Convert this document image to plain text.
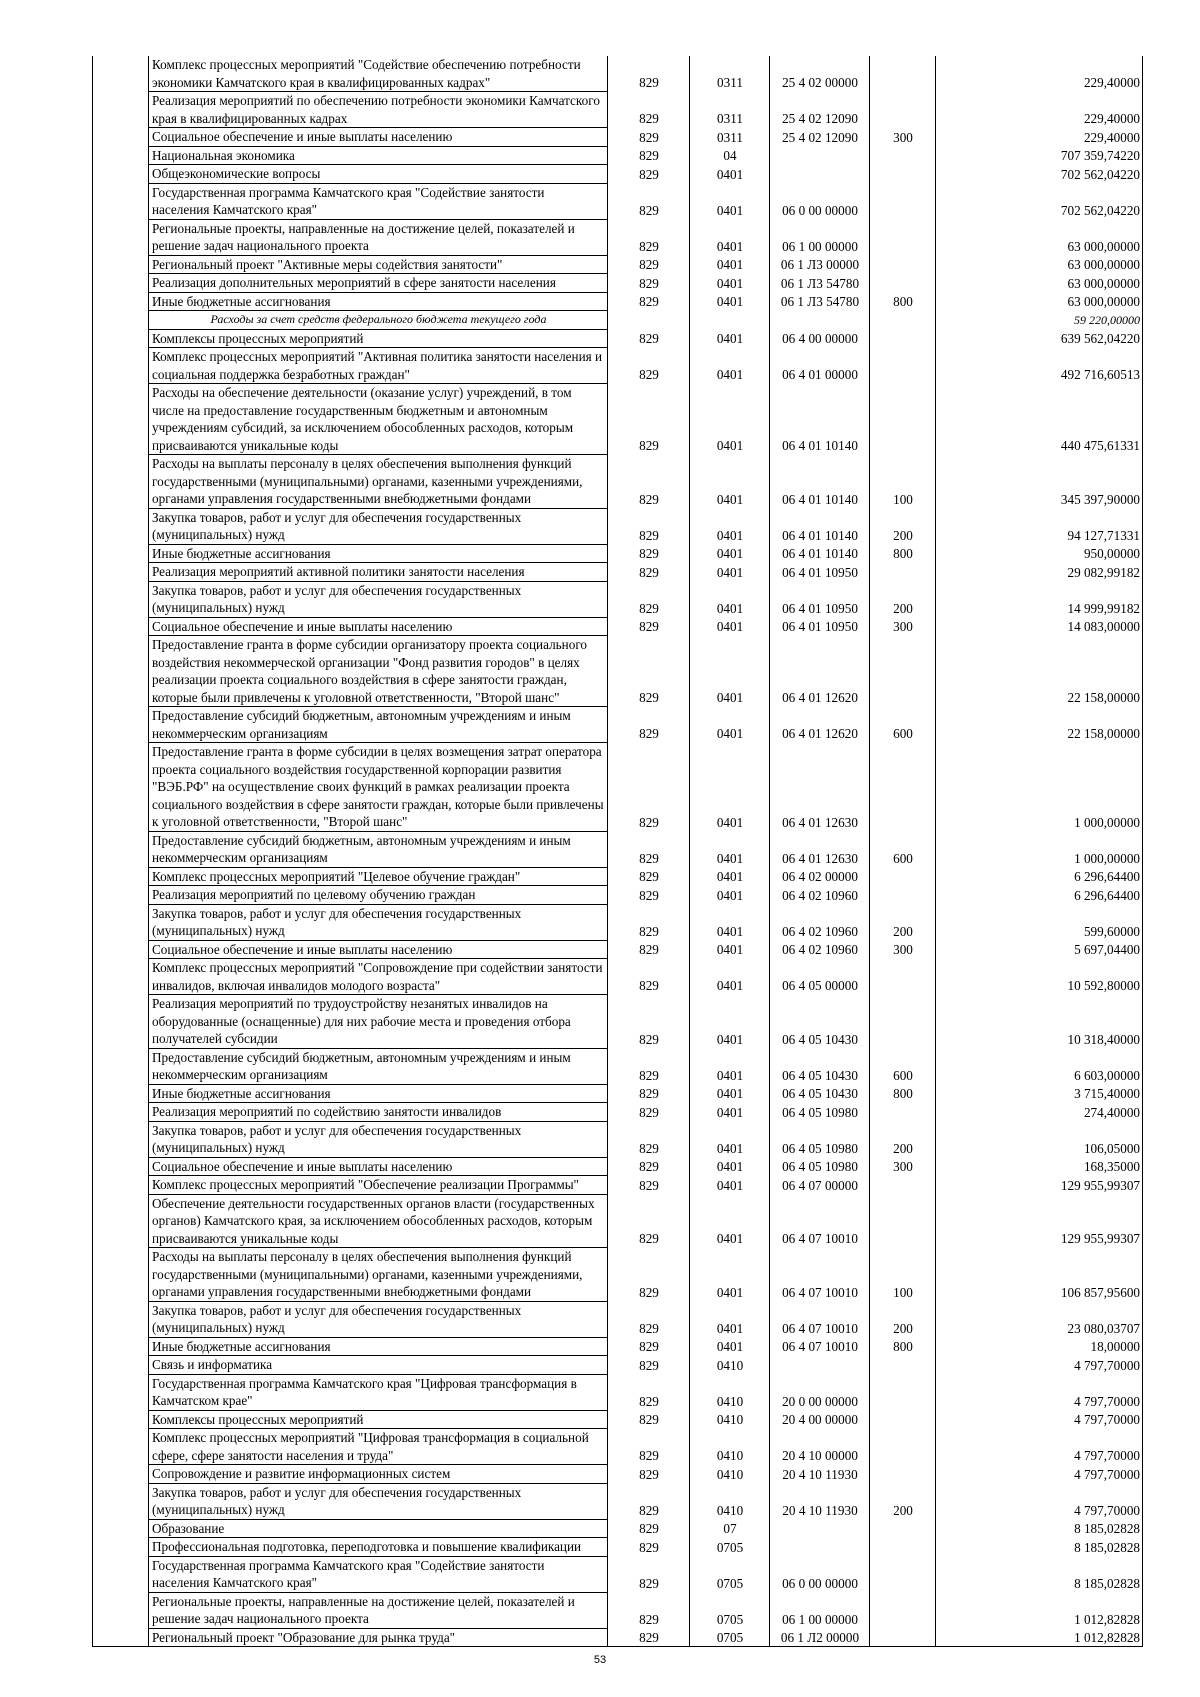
	Комплекс процессных мероприятий "Содействие обеспечению потребности экономики Камчатского края в квалифицированных кадрах"	829	0311	25 4 02 00000		229,40000
	Реализация мероприятий по обеспечению потребности экономики Камчатского края в квалифицированных кадрах	829	0311	25 4 02 12090		229,40000
	Социальное обеспечение и иные выплаты населению	829	0311	25 4 02 12090	300	229,40000
	Национальная экономика	829	04			707 359,74220
	Общеэкономические вопросы	829	0401			702 562,04220
	Государственная программа Камчатского края "Содействие занятости населения Камчатского края"	829	0401	06 0 00 00000		702 562,04220
	Региональные проекты, направленные на достижение целей, показателей и решение задач национального проекта	829	0401	06 1 00 00000		63 000,00000
	Региональный проект "Активные меры содействия занятости"	829	0401	06 1 Л3 00000		63 000,00000
	Реализация дополнительных мероприятий в сфере занятости населения	829	0401	06 1 Л3 54780		63 000,00000
	Иные бюджетные ассигнования	829	0401	06 1 Л3 54780	800	63 000,00000
	Расходы за счет средств федерального бюджета текущего года					59 220,00000
	Комплексы процессных мероприятий	829	0401	06 4 00 00000		639 562,04220
	Комплекс процессных мероприятий "Активная политика занятости населения и социальная поддержка безработных граждан"	829	0401	06 4 01 00000		492 716,60513
	Расходы на обеспечение деятельности (оказание услуг) учреждений, в том числе на предоставление государственным бюджетным и автономным учреждениям субсидий, за исключением обособленных расходов, которым присваиваются уникальные коды	829	0401	06 4 01 10140		440 475,61331
	Расходы на выплаты персоналу в целях обеспечения выполнения функций государственными (муниципальными) органами, казенными учреждениями, органами управления государственными внебюджетными фондами	829	0401	06 4 01 10140	100	345 397,90000
	Закупка товаров, работ и услуг для обеспечения государственных (муниципальных) нужд	829	0401	06 4 01 10140	200	94 127,71331
	Иные бюджетные ассигнования	829	0401	06 4 01 10140	800	950,00000
	Реализация мероприятий активной политики занятости населения	829	0401	06 4 01 10950		29 082,99182
	Закупка товаров, работ и услуг для обеспечения государственных (муниципальных) нужд	829	0401	06 4 01 10950	200	14 999,99182
	Социальное обеспечение и иные выплаты населению	829	0401	06 4 01 10950	300	14 083,00000
	Предоставление гранта в форме субсидии организатору проекта социального воздействия некоммерческой организации "Фонд развития городов" в целях реализации проекта социального воздействия в сфере занятости граждан, которые были привлечены к уголовной ответственности, "Второй шанс"	829	0401	06 4 01 12620		22 158,00000
	Предоставление субсидий бюджетным, автономным учреждениям и иным некоммерческим организациям	829	0401	06 4 01 12620	600	22 158,00000
	Предоставление гранта в форме субсидии в целях возмещения затрат оператора проекта социального воздействия государственной корпорации развития "ВЭБ.РФ" на осуществление своих функций в рамках реализации проекта социального воздействия в сфере занятости граждан, которые были привлечены к уголовной ответственности, "Второй шанс"	829	0401	06 4 01 12630		1 000,00000
	Предоставление субсидий бюджетным, автономным учреждениям и иным некоммерческим организациям	829	0401	06 4 01 12630	600	1 000,00000
	Комплекс процессных мероприятий "Целевое обучение граждан"	829	0401	06 4 02 00000		6 296,64400
	Реализация мероприятий по целевому обучению граждан	829	0401	06 4 02 10960		6 296,64400
	Закупка товаров, работ и услуг для обеспечения государственных (муниципальных) нужд	829	0401	06 4 02 10960	200	599,60000
	Социальное обеспечение и иные выплаты населению	829	0401	06 4 02 10960	300	5 697,04400
	Комплекс процессных мероприятий "Сопровождение при содействии занятости инвалидов, включая инвалидов молодого возраста"	829	0401	06 4 05 00000		10 592,80000
	Реализация мероприятий по трудоустройству незанятых инвалидов на оборудованные (оснащенные) для них рабочие места и проведения отбора получателей субсидии	829	0401	06 4 05 10430		10 318,40000
	Предоставление субсидий бюджетным, автономным учреждениям и иным некоммерческим организациям	829	0401	06 4 05 10430	600	6 603,00000
	Иные бюджетные ассигнования	829	0401	06 4 05 10430	800	3 715,40000
	Реализация мероприятий по содействию занятости инвалидов	829	0401	06 4 05 10980		274,40000
	Закупка товаров, работ и услуг для обеспечения государственных (муниципальных) нужд	829	0401	06 4 05 10980	200	106,05000
	Социальное обеспечение и иные выплаты населению	829	0401	06 4 05 10980	300	168,35000
	Комплекс процессных мероприятий "Обеспечение реализации Программы"	829	0401	06 4 07 00000		129 955,99307
	Обеспечение деятельности государственных органов власти (государственных органов) Камчатского края, за исключением обособленных расходов, которым присваиваются уникальные коды	829	0401	06 4 07 10010		129 955,99307
	Расходы на выплаты персоналу в целях обеспечения выполнения функций государственными (муниципальными) органами, казенными учреждениями, органами управления государственными внебюджетными фондами	829	0401	06 4 07 10010	100	106 857,95600
	Закупка товаров, работ и услуг для обеспечения государственных (муниципальных) нужд	829	0401	06 4 07 10010	200	23 080,03707
	Иные бюджетные ассигнования	829	0401	06 4 07 10010	800	18,00000
	Связь и информатика	829	0410			4 797,70000
	Государственная программа Камчатского края "Цифровая трансформация в Камчатском крае"	829	0410	20 0 00 00000		4 797,70000
	Комплексы процессных мероприятий	829	0410	20 4 00 00000		4 797,70000
	Комплекс процессных мероприятий "Цифровая трансформация в социальной сфере, сфере занятости населения и труда"	829	0410	20 4 10 00000		4 797,70000
	Сопровождение и развитие информационных систем	829	0410	20 4 10 11930		4 797,70000
	Закупка товаров, работ и услуг для обеспечения государственных (муниципальных) нужд	829	0410	20 4 10 11930	200	4 797,70000
	Образование	829	07			8 185,02828
	Профессиональная подготовка, переподготовка и повышение квалификации	829	0705			8 185,02828
	Государственная программа Камчатского края "Содействие занятости населения Камчатского края"	829	0705	06 0 00 00000		8 185,02828
	Региональные проекты, направленные на достижение целей, показателей и решение задач национального проекта	829	0705	06 1 00 00000		1 012,82828
	Региональный проект "Образование для рынка труда"	829	0705	06 1 Л2 00000		1 012,82828
53
